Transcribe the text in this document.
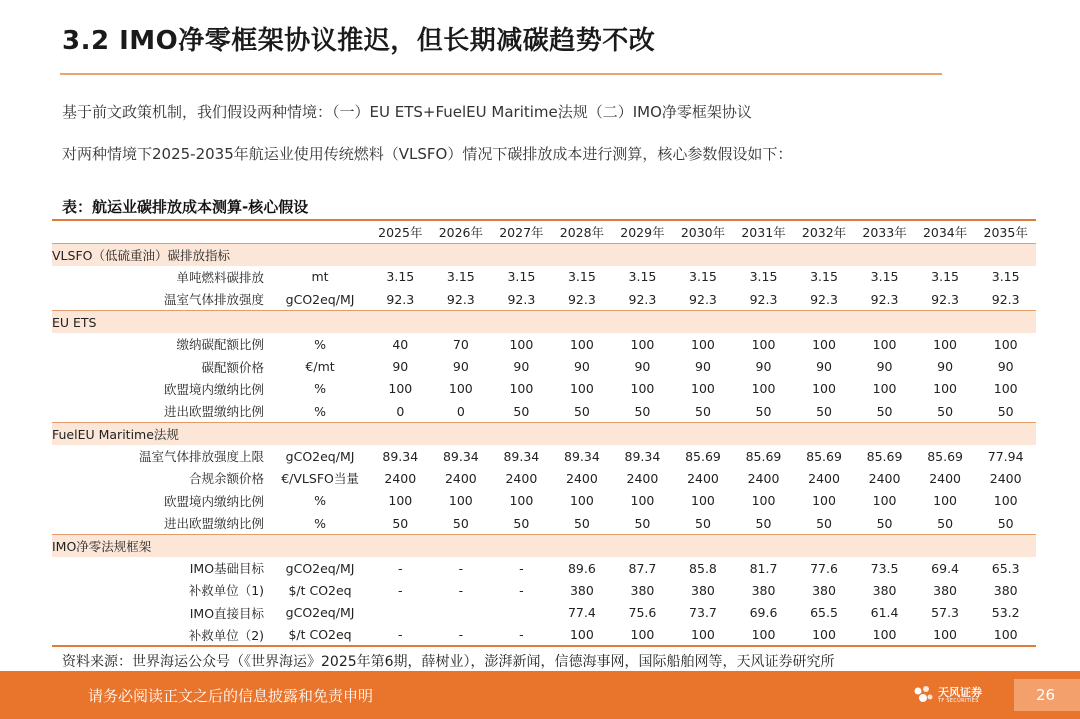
3.2 IMO净零框架协议推迟，但长期减碳趋势不改
基于前文政策机制，我们假设两种情境：（一）EU ETS+FuelEU Maritime法规（二）IMO净零框架协议
对两种情境下2025-2035年航运业使用传统燃料（VLSFO）情况下碳排放成本进行测算，核心参数假设如下：
表：航运业碳排放成本测算-核心假设
		2025年	2026年	2027年	2028年	2029年	2030年	2031年	2032年	2033年	2034年	2035年
VLSFO（低硫重油）碳排放指标												
单吨燃料碳排放	mt	3.15	3.15	3.15	3.15	3.15	3.15	3.15	3.15	3.15	3.15	3.15
温室气体排放强度	gCO2eq/MJ	92.3	92.3	92.3	92.3	92.3	92.3	92.3	92.3	92.3	92.3	92.3
EU ETS												
缴纳碳配额比例	%	40	70	100	100	100	100	100	100	100	100	100
碳配额价格	€/mt	90	90	90	90	90	90	90	90	90	90	90
欧盟境内缴纳比例	%	100	100	100	100	100	100	100	100	100	100	100
进出欧盟缴纳比例	%	0	0	50	50	50	50	50	50	50	50	50
FuelEU Maritime法规												
温室气体排放强度上限	gCO2eq/MJ	89.34	89.34	89.34	89.34	89.34	85.69	85.69	85.69	85.69	85.69	77.94
合规余额价格	€/VLSFO当量	2400	2400	2400	2400	2400	2400	2400	2400	2400	2400	2400
欧盟境内缴纳比例	%	100	100	100	100	100	100	100	100	100	100	100
进出欧盟缴纳比例	%	50	50	50	50	50	50	50	50	50	50	50
IMO净零法规框架												
IMO基础目标	gCO2eq/MJ	-	-	-	89.6	87.7	85.8	81.7	77.6	73.5	69.4	65.3
补救单位（1)	$/t CO2eq	-	-	-	380	380	380	380	380	380	380	380
IMO直接目标	gCO2eq/MJ				77.4	75.6	73.7	69.6	65.5	61.4	57.3	53.2
补救单位（2)	$/t CO2eq	-	-	-	100	100	100	100	100	100	100	100
资料来源：世界海运公众号（《世界海运》2025年第6期，薛树业），澎湃新闻，信德海事网，国际船舶网等，天风证券研究所
请务必阅读正文之后的信息披露和免责申明	天风证券
TF SECURITIES	26
